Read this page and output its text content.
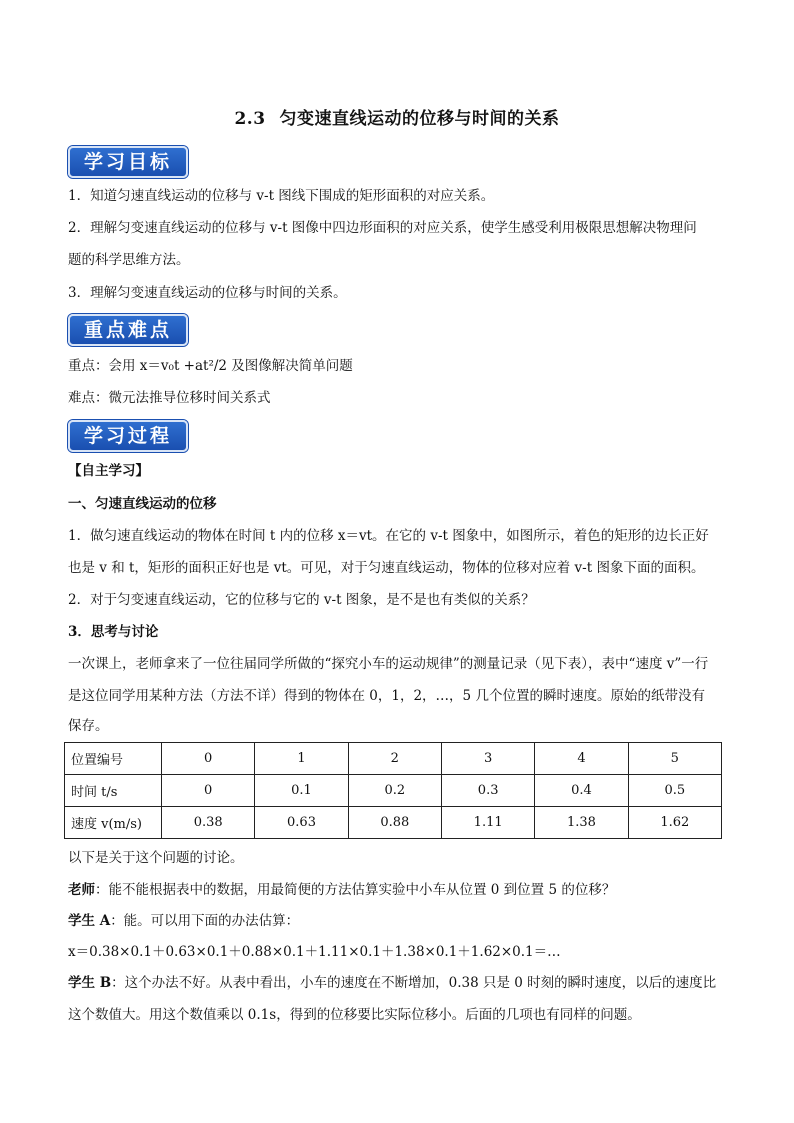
2.3 匀变速直线运动的位移与时间的关系
学习目标
1．知道匀速直线运动的位移与 v-t 图线下围成的矩形面积的对应关系。
2．理解匀变速直线运动的位移与 v-t 图像中四边形面积的对应关系，使学生感受利用极限思想解决物理问
题的科学思维方法。
3．理解匀变速直线运动的位移与时间的关系。
重点难点
重点：会用 x＝v₀t +at²/2 及图像解决简单问题
难点：微元法推导位移时间关系式
学习过程
【自主学习】
一、匀速直线运动的位移
1．做匀速直线运动的物体在时间 t 内的位移 x＝vt。在它的 v-t 图象中，如图所示，着色的矩形的边长正好
也是 v 和 t，矩形的面积正好也是 vt。可见，对于匀速直线运动，物体的位移对应着 v-t 图象下面的面积。
2．对于匀变速直线运动，它的位移与它的 v-t 图象，是不是也有类似的关系？
3．思考与讨论
一次课上，老师拿来了一位往届同学所做的“探究小车的运动规律”的测量记录（见下表），表中“速度 v”一行
是这位同学用某种方法（方法不详）得到的物体在 0，1，2，…，5 几个位置的瞬时速度。原始的纸带没有
保存。
位置编号	0	1	2	3	4	5
时间 t/s	0	0.1	0.2	0.3	0.4	0.5
速度 v(m/s)	0.38	0.63	0.88	1.11	1.38	1.62
以下是关于这个问题的讨论。
老师：能不能根据表中的数据，用最简便的方法估算实验中小车从位置 0 到位置 5 的位移？
学生 A：能。可以用下面的办法估算：
x＝0.38×0.1＋0.63×0.1＋0.88×0.1＋1.11×0.1＋1.38×0.1＋1.62×0.1＝…
学生 B：这个办法不好。从表中看出，小车的速度在不断增加，0.38 只是 0 时刻的瞬时速度，以后的速度比
这个数值大。用这个数值乘以 0.1s，得到的位移要比实际位移小。后面的几项也有同样的问题。
